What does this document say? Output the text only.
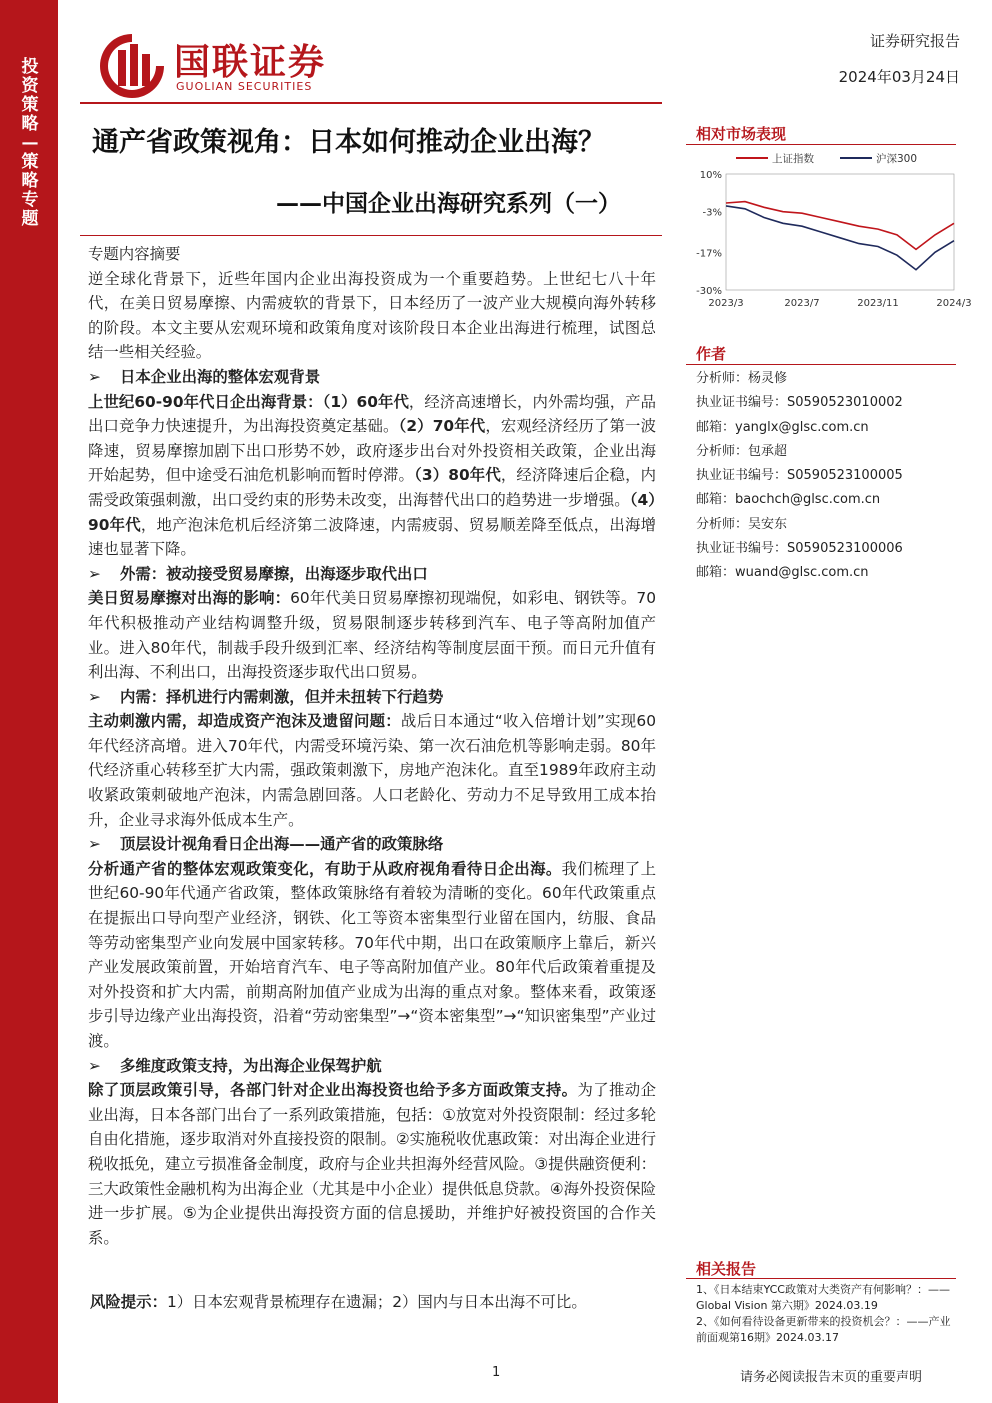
投资策略—策略专题
国联证券
GUOLIAN SECURITIES
证券研究报告
2024年03月24日
通产省政策视角：日本如何推动企业出海？
——中国企业出海研究系列（一）

专题内容摘要

逆全球化背景下，近些年国内企业出海投资成为一个重要趋势。上世纪七八十年代，在美日贸易摩擦、内需疲软的背景下，日本经历了一波产业大规模向海外转移的阶段。本文主要从宏观环境和政策角度对该阶段日本企业出海进行梳理，试图总结一些相关经验。

➢ 日本企业出海的整体宏观背景

上世纪60-90年代日企出海背景：（1）60年代，经济高速增长，内外需均强，产品出口竞争力快速提升，为出海投资奠定基础。（2）70年代，宏观经济经历了第一波降速，贸易摩擦加剧下出口形势不妙，政府逐步出台对外投资相关政策，企业出海开始起势，但中途受石油危机影响而暂时停滞。（3）80年代，经济降速后企稳，内需受政策强刺激，出口受约束的形势未改变，出海替代出口的趋势进一步增强。（4）90年代，地产泡沫危机后经济第二波降速，内需疲弱、贸易顺差降至低点，出海增速也显著下降。

➢ 外需：被动接受贸易摩擦，出海逐步取代出口

美日贸易摩擦对出海的影响：60年代美日贸易摩擦初现端倪，如彩电、钢铁等。70年代积极推动产业结构调整升级，贸易限制逐步转移到汽车、电子等高附加值产业。进入80年代，制裁手段升级到汇率、经济结构等制度层面干预。而日元升值有利出海、不利出口，出海投资逐步取代出口贸易。

➢ 内需：择机进行内需刺激，但并未扭转下行趋势

主动刺激内需，却造成资产泡沫及遗留问题：战后日本通过“收入倍增计划”实现60年代经济高增。进入70年代，内需受环境污染、第一次石油危机等影响走弱。80年代经济重心转移至扩大内需，强政策刺激下，房地产泡沫化。直至1989年政府主动收紧政策刺破地产泡沫，内需急剧回落。人口老龄化、劳动力不足导致用工成本抬升，企业寻求海外低成本生产。

➢ 顶层设计视角看日企出海——通产省的政策脉络

分析通产省的整体宏观政策变化，有助于从政府视角看待日企出海。我们梳理了上世纪60-90年代通产省政策，整体政策脉络有着较为清晰的变化。60年代政策重点在提振出口导向型产业经济，钢铁、化工等资本密集型行业留在国内，纺服、食品等劳动密集型产业向发展中国家转移。70年代中期，出口在政策顺序上靠后，新兴产业发展政策前置，开始培育汽车、电子等高附加值产业。80年代后政策着重提及对外投资和扩大内需，前期高附加值产业成为出海的重点对象。整体来看，政策逐步引导边缘产业出海投资，沿着“劳动密集型”→“资本密集型”→“知识密集型”产业过渡。

➢ 多维度政策支持，为出海企业保驾护航

除了顶层政策引导，各部门针对企业出海投资也给予多方面政策支持。为了推动企业出海，日本各部门出台了一系列政策措施，包括：①放宽对外投资限制：经过多轮自由化措施，逐步取消对外直接投资的限制。②实施税收优惠政策：对出海企业进行税收抵免，建立亏损准备金制度，政府与企业共担海外经营风险。③提供融资便利：三大政策性金融机构为出海企业（尤其是中小企业）提供低息贷款。④海外投资保险进一步扩展。⑤为企业提供出海投资方面的信息援助，并维护好被投资国的合作关系。

风险提示：1）日本宏观背景梳理存在遗漏；2）国内与日本出海不可比。
相对市场表现
10%
-3%
-17%
-30%
2023/3	2023/7	2023/11	2024/3
上证指数	沪深300
作者
分析师：杨灵修
执业证书编号：S0590523010002
邮箱：yanglx@glsc.com.cn
分析师：包承超
执业证书编号：S0590523100005
邮箱：baochch@glsc.com.cn
分析师：吴安东
执业证书编号：S0590523100006
邮箱：wuand@glsc.com.cn
相关报告

1、《日本结束YCC政策对大类资产有何影响？：——Global Vision 第六期》2024.03.19

2、《如何看待设备更新带来的投资机会？：——产业前面观第16期》2024.03.17

1	请务必阅读报告末页的重要声明
